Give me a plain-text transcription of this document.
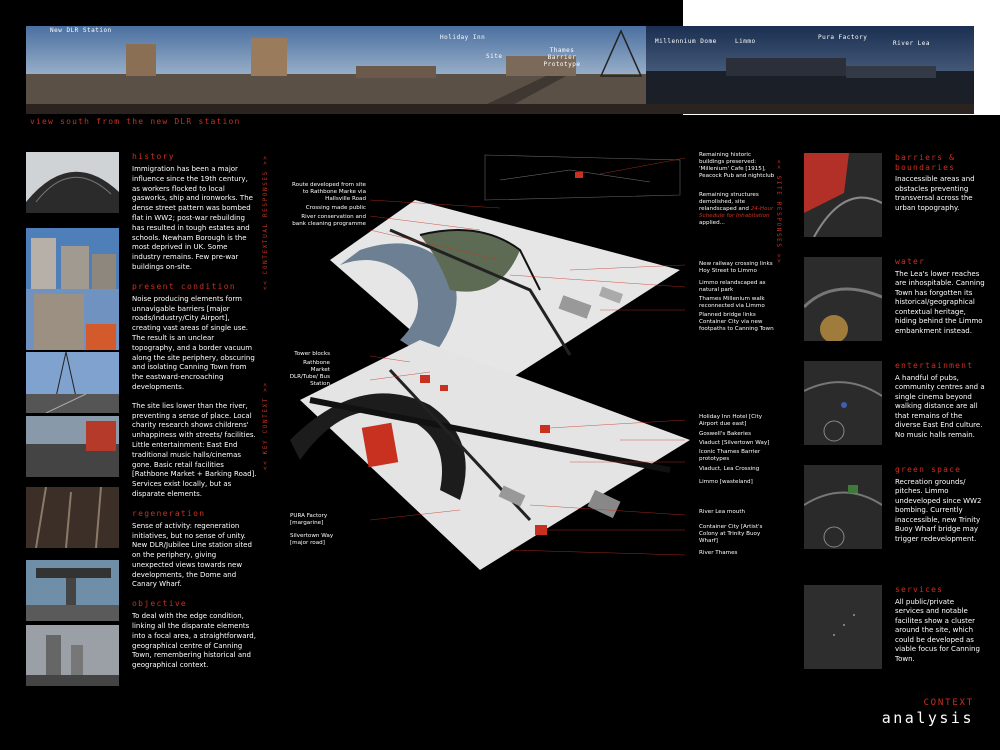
New DLR Station
Holiday Inn
Site
Thames Barrier Prototype
Millennium Dome	Limmo
Pura Factory
River Lea
view south from the new DLR station
history
Immigration has been a major influence since the 19th century, as workers flocked to local gasworks, ship and ironworks. The dense street pattern was bombed flat in WW2; post-war rebuilding has resulted in tough estates and schools. Newham Borough is the most deprived in UK. Some industry remains. Few pre-war buildings on-site.
present condition
Noise producing elements form unnavigable barriers [major roads/industry/City Airport], creating vast areas of single use. The result is an unclear topography, and a border vacuum along the site periphery, obscuring and isolating Canning Town from the eastward-encroaching developments.
The site lies lower than the river, preventing a sense of place. Local charity research shows childrens' unhappiness with streets/ facilities. Little entertainment: East End traditional music halls/cinemas gone. Basic retail facilities [Rathbone Market + Barking Road]. Services exist locally, but as disparate elements.
regeneration
Sense of activity: regeneration initiatives, but no sense of unity. New DLR/Jubilee Line station sited on the periphery, giving unexpected views towards new developments, the Dome and Canary Wharf.
objective
To deal with the edge condition, linking all the disparate elements into a focal area, a straightforward, geographical centre of Canning Town, remembering historical and geographical context.
<< CONTEXTUAL RESPONSES >>
<< KEY CONTEXT >>
<< SITE RESPONSES >>
Route developed from site to Rathbone Marke via Hallsville Road
Crossing made public
River conservation and bank cleaning programme
Tower blocks
Rathbone Market
DLR/Tube/ Bus Station
PURA Factory [margarine]
Silvertown Way [major road]
Remaining historic buildings preserved: 'Millenium' Cafe [1915], Peacock Pub and nightclub
Remaining structures demolished, site relandscaped and 24-Hour Schedule for Inhabitation applied...
New railway crossing links Hoy Street to Limmo
Limmo relandscaped as natural park
Thames Millenium walk reconnected via Limmo
Planned bridge links Container City via new footpaths to Canning Town
Holiday Inn Hotel [City Airport due east]
Goswell's Bakeries
Viaduct [Silvertown Way]
Iconic Thames Barrier prototypes
Viaduct, Lea Crossing
Limmo [wasteland]
River Lea mouth
Container City [Artist's Colony at Trinity Buoy Wharf]
River Thames
barriers & boundaries
Inaccessible areas and obstacles preventing transversal across the urban topography.
water
The Lea's lower reaches are inhospitable. Canning Town has forgotten its historical/geographical contextual heritage, hiding behind the Limmo embankment instead.
entertainment
A handful of pubs, community centres and a single cinema beyond walking distance are all that remains of the diverse East End culture. No music halls remain.
green space
Recreation grounds/ pitches. Limmo undeveloped since WW2 bombing. Currently inaccessible, new Trinity Buoy Wharf bridge may trigger redevelopment.
services
All public/private services and notable facilites show a cluster around the site, which could be developed as viable focus for Canning Town.
CONTEXT
analysis
